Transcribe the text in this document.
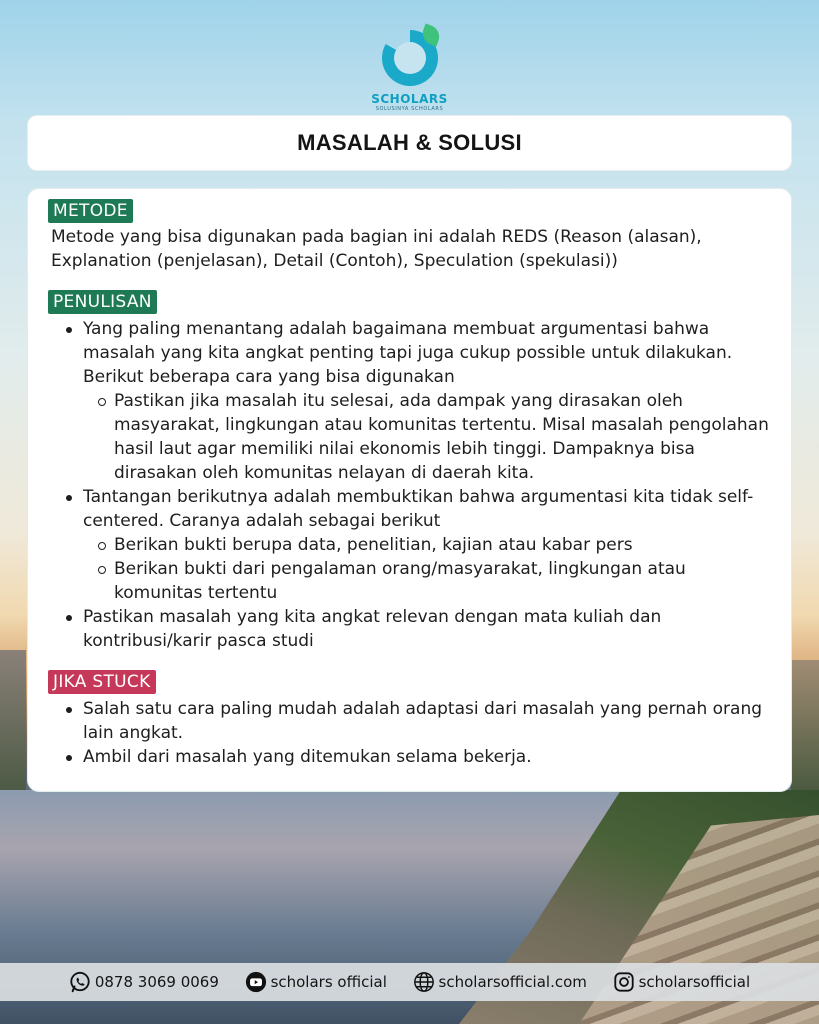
SCHOLARS
SOLUSINYA SCHOLARS
MASALAH & SOLUSI
METODE

Metode yang bisa digunakan pada bagian ini adalah REDS (Reason (alasan), Explanation (penjelasan), Detail (Contoh), Speculation (spekulasi))

PENULISAN
Yang paling menantang adalah bagaimana membuat argumentasi bahwa masalah yang kita angkat penting tapi juga cukup possible untuk dilakukan. Berikut beberapa cara yang bisa digunakan
Pastikan jika masalah itu selesai, ada dampak yang dirasakan oleh masyarakat, lingkungan atau komunitas tertentu. Misal masalah pengolahan hasil laut agar memiliki nilai ekonomis lebih tinggi. Dampaknya bisa dirasakan oleh komunitas nelayan di daerah kita.
Tantangan berikutnya adalah membuktikan bahwa argumentasi kita tidak self-centered. Caranya adalah sebagai berikut
Berikan bukti berupa data, penelitian, kajian atau kabar pers
Berikan bukti dari pengalaman orang/masyarakat, lingkungan atau komunitas tertentu
Pastikan masalah yang kita angkat relevan dengan mata kuliah dan kontribusi/karir pasca studi
JIKA STUCK
Salah satu cara paling mudah adalah adaptasi dari masalah yang pernah orang lain angkat.
Ambil dari masalah yang ditemukan selama bekerja.
0878 3069 0069	scholars official	scholarsofficial.com	scholarsofficial
